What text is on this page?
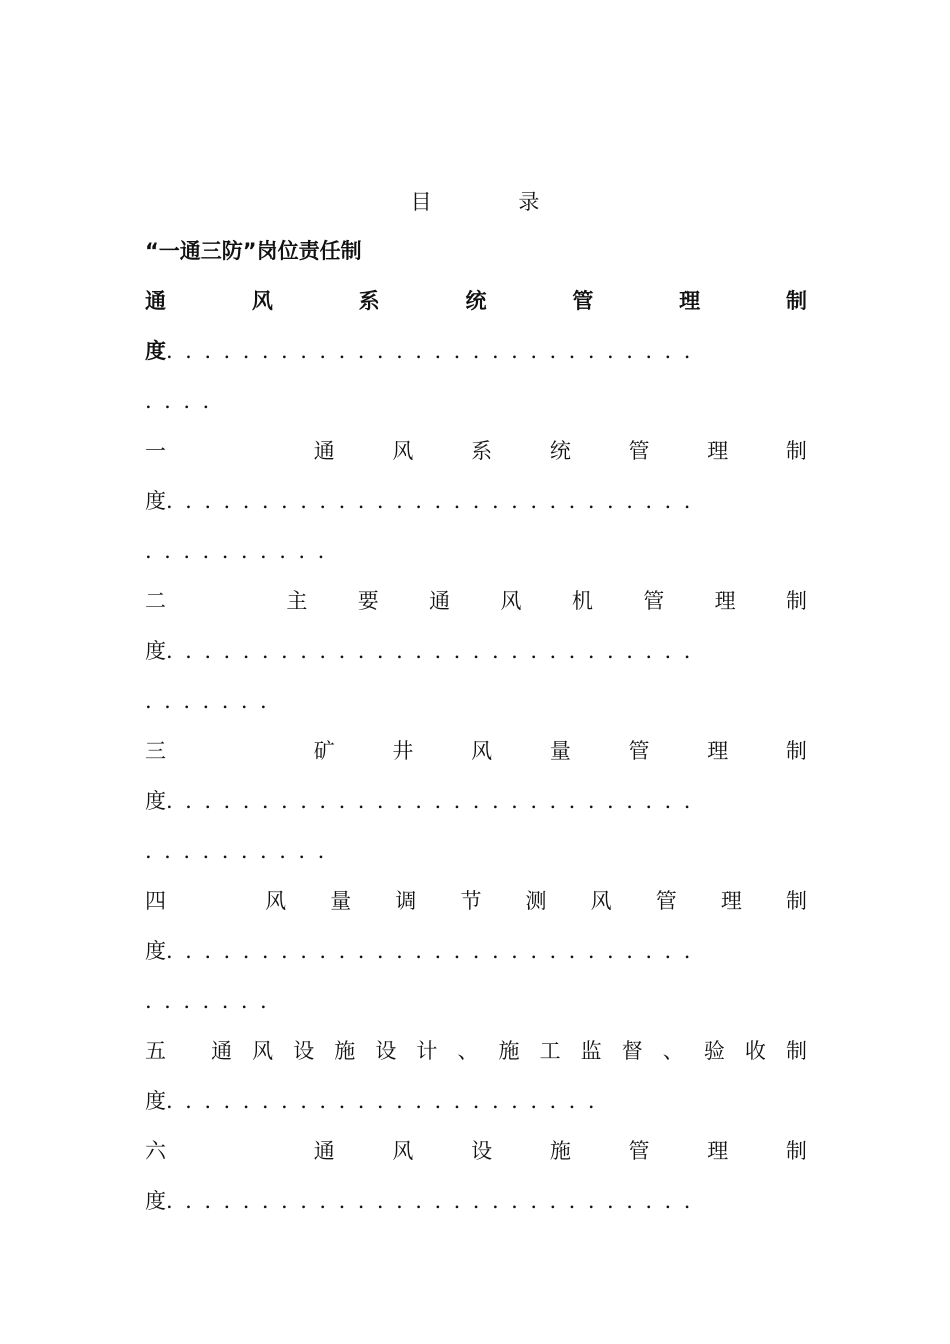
目 录
“一通三防”岗位责任制
通	风	系	统	管	理	制
度............................
....
一	通	风	系	统	管	理	制
度............................
..........
二	主 要 通 风 机 管 理 制
度............................
.......
三	矿	井	风	量	管	理	制
度............................
..........
四	风 量 调 节 测 风 管 理 制
度............................
.......
五 通 风 设 施 设 计 、 施 工 监 督 、 验 收 制
度.......................
六	通	风	设	施	管	理	制
度............................
